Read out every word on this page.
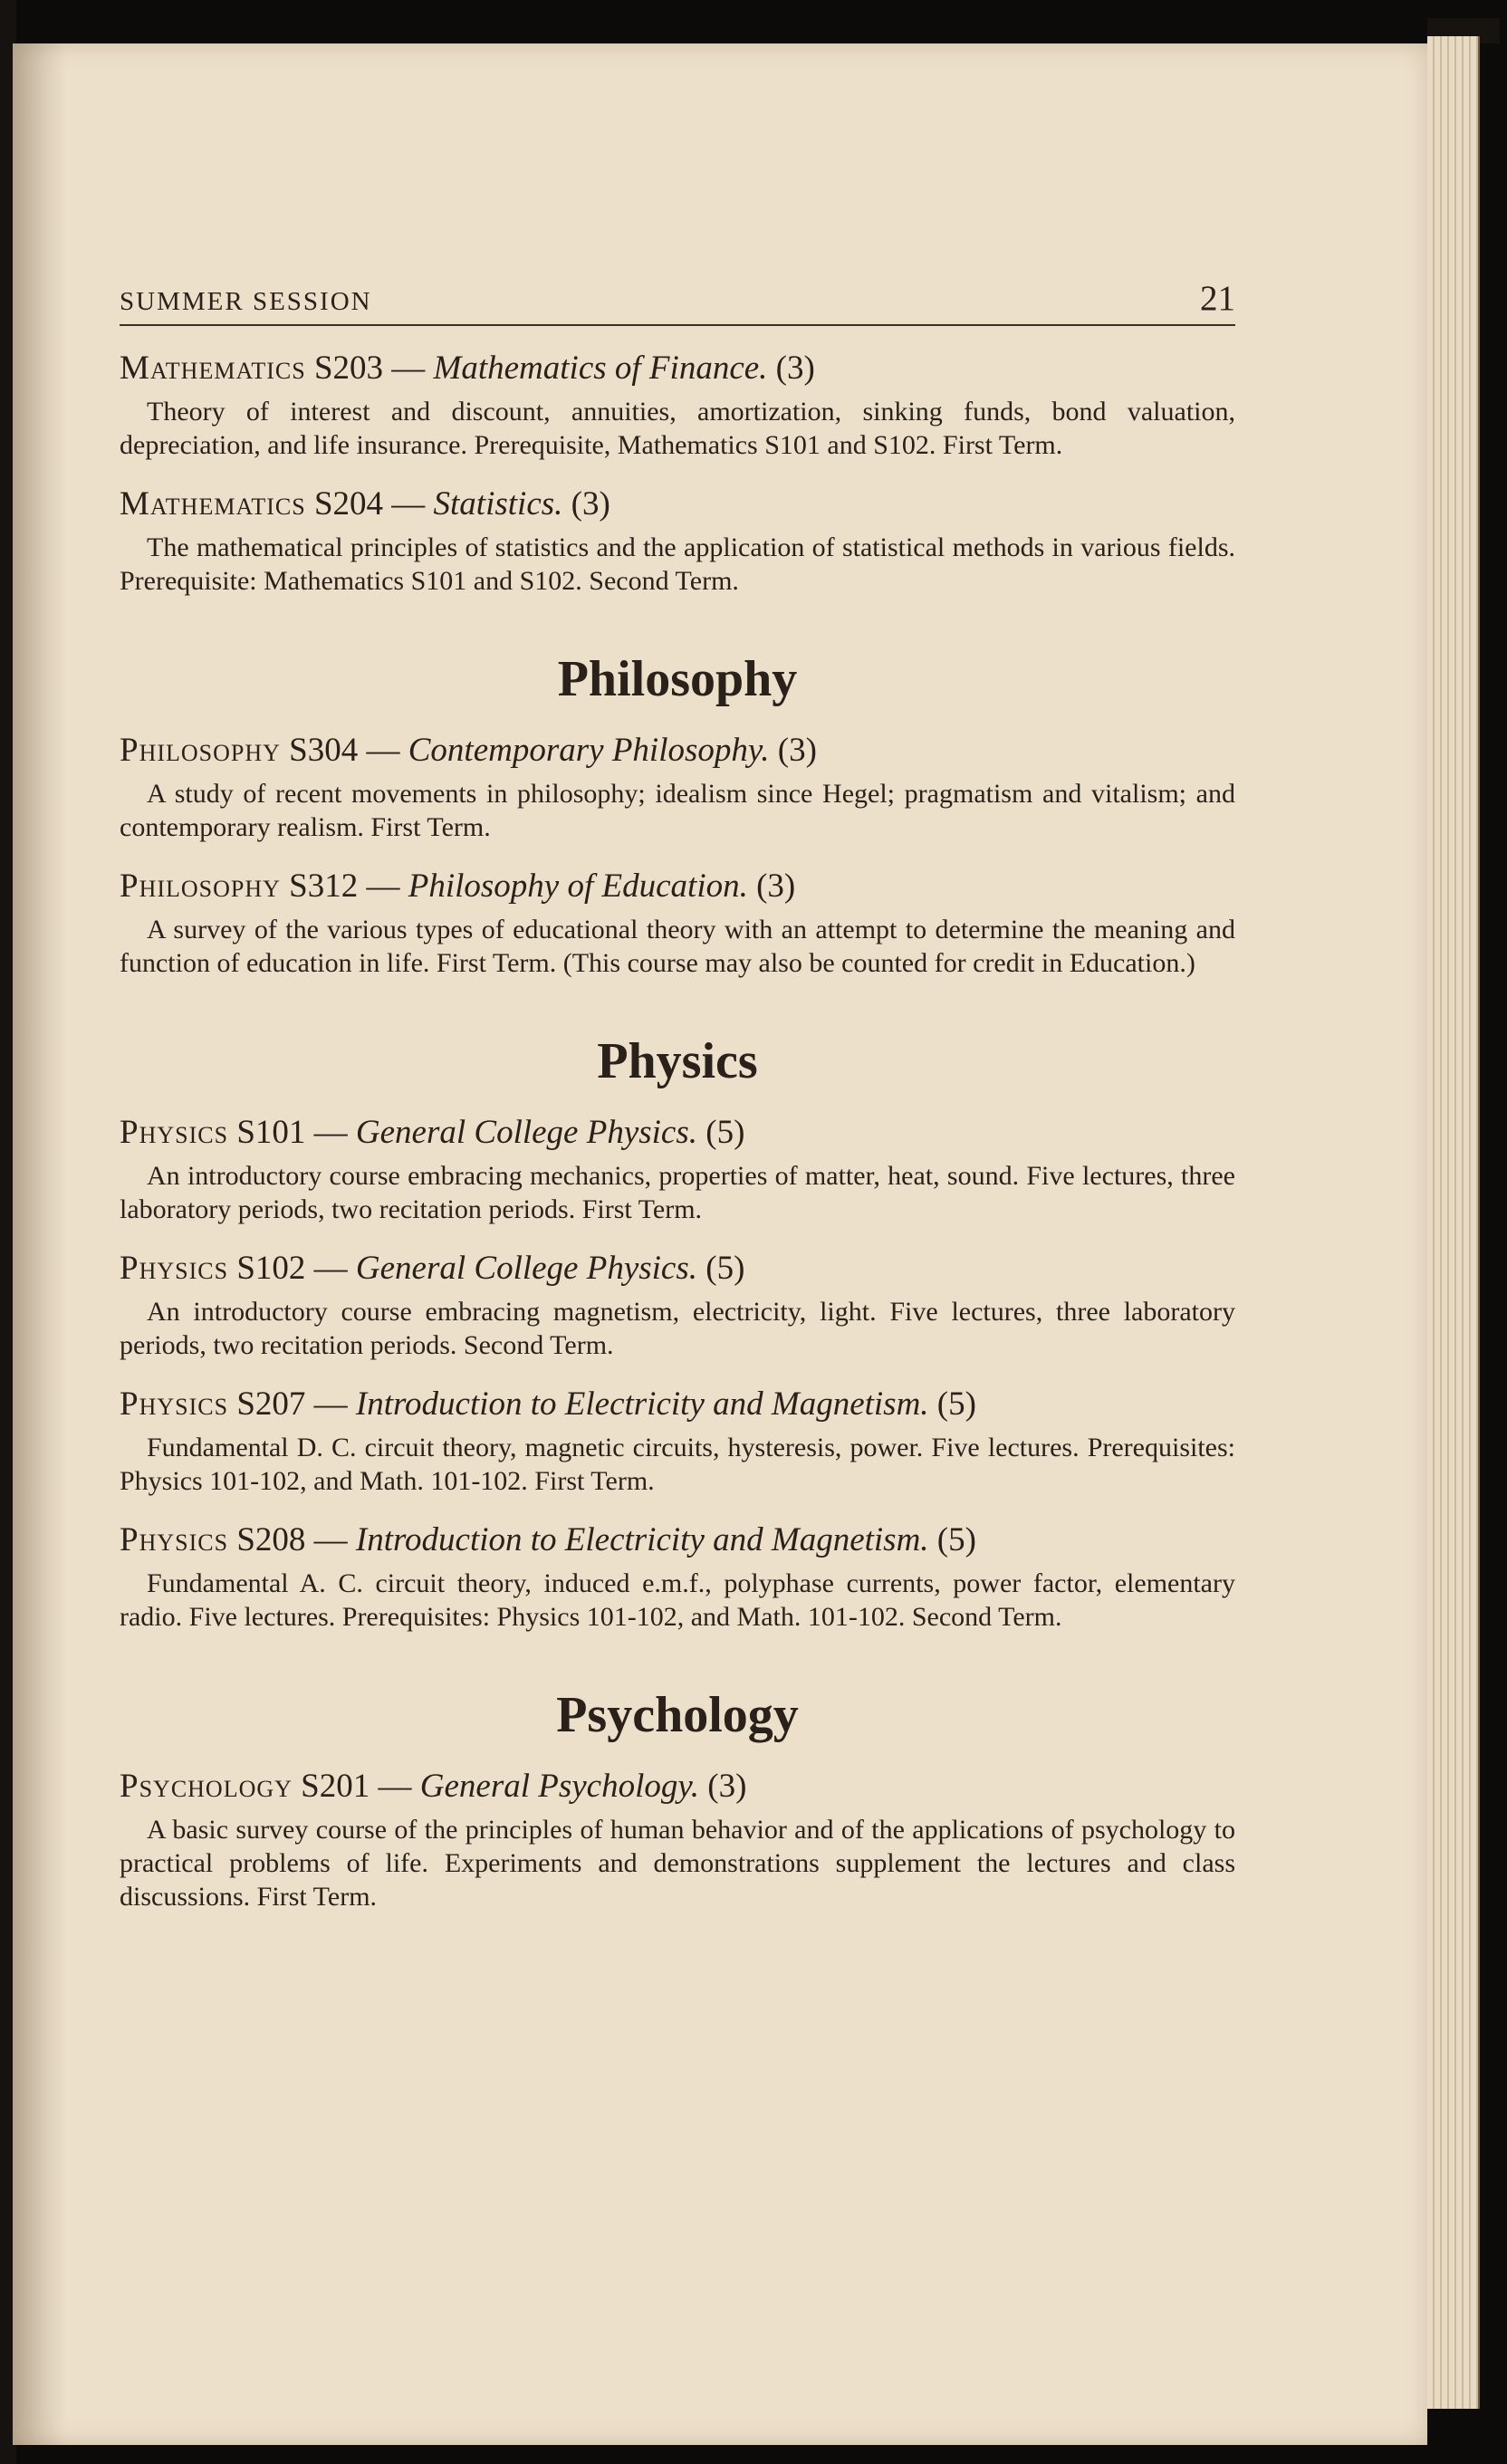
SUMMER SESSION	21
Mathematics S203 — Mathematics of Finance. (3)

Theory of interest and discount, annuities, amortization, sinking funds, bond valuation, depreciation, and life insurance. Prerequisite, Mathematics S101 and S102. First Term.

Mathematics S204 — Statistics. (3)

The mathematical principles of statistics and the application of statistical methods in various fields. Prerequisite: Mathematics S101 and S102. Second Term.

Philosophy
Philosophy S304 — Contemporary Philosophy. (3)

A study of recent movements in philosophy; idealism since Hegel; pragmatism and vitalism; and contemporary realism. First Term.

Philosophy S312 — Philosophy of Education. (3)

A survey of the various types of educational theory with an attempt to determine the meaning and function of education in life. First Term. (This course may also be counted for credit in Education.)

Physics
Physics S101 — General College Physics. (5)

An introductory course embracing mechanics, properties of matter, heat, sound. Five lectures, three laboratory periods, two recitation periods. First Term.

Physics S102 — General College Physics. (5)

An introductory course embracing magnetism, electricity, light. Five lectures, three laboratory periods, two recitation periods. Second Term.

Physics S207 — Introduction to Electricity and Magnetism. (5)

Fundamental D. C. circuit theory, magnetic circuits, hysteresis, power. Five lectures. Prerequisites: Physics 101-102, and Math. 101-102. First Term.

Physics S208 — Introduction to Electricity and Magnetism. (5)

Fundamental A. C. circuit theory, induced e.m.f., polyphase currents, power factor, elementary radio. Five lectures. Prerequisites: Physics 101-102, and Math. 101-102. Second Term.

Psychology
Psychology S201 — General Psychology. (3)

A basic survey course of the principles of human behavior and of the applications of psychology to practical problems of life. Experiments and demonstrations supplement the lectures and class discussions. First Term.
